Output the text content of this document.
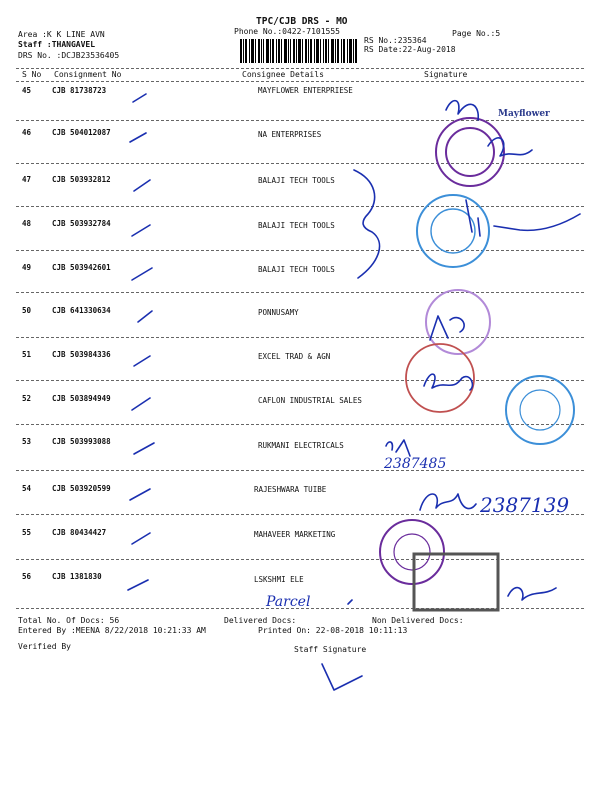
TPC/CJB DRS - MO
Phone No.:0422-7101555
Area :K K LINE AVN
Staff :THANGAVEL
DRS No. :DCJB23536405
RS No.:235364
RS Date:22-Aug-2018
Page No.:5
S No Consignment No	Consignee Details	Signature
45	CJB 81738723	MAYFLOWER ENTERPRIESE
46	CJB 504012087	NA ENTERPRISES
47	CJB 503932812	BALAJI TECH TOOLS
48	CJB 503932784	BALAJI TECH TOOLS
49	CJB 503942601	BALAJI TECH TOOLS
50	CJB 641330634	PONNUSAMY
51	CJB 503984336	EXCEL TRAD & AGN
52	CJB 503894949	CAFLON INDUSTRIAL SALES
53	CJB 503993088	RUKMANI ELECTRICALS
54	CJB 503920599	RAJESHWARA TUIBE
55	CJB 80434427	MAHAVEER MARKETING
56	CJB 1381830	LSKSHMI ELE
Total No. Of Docs: 56	Delivered Docs:	Non Delivered Docs:
Entered By :MEENA 8/22/2018 10:21:33 AM	Printed On: 22-08-2018 10:11:13
Verified By	Staff Signature
Mayflower
2387485
2387139
Parcel
